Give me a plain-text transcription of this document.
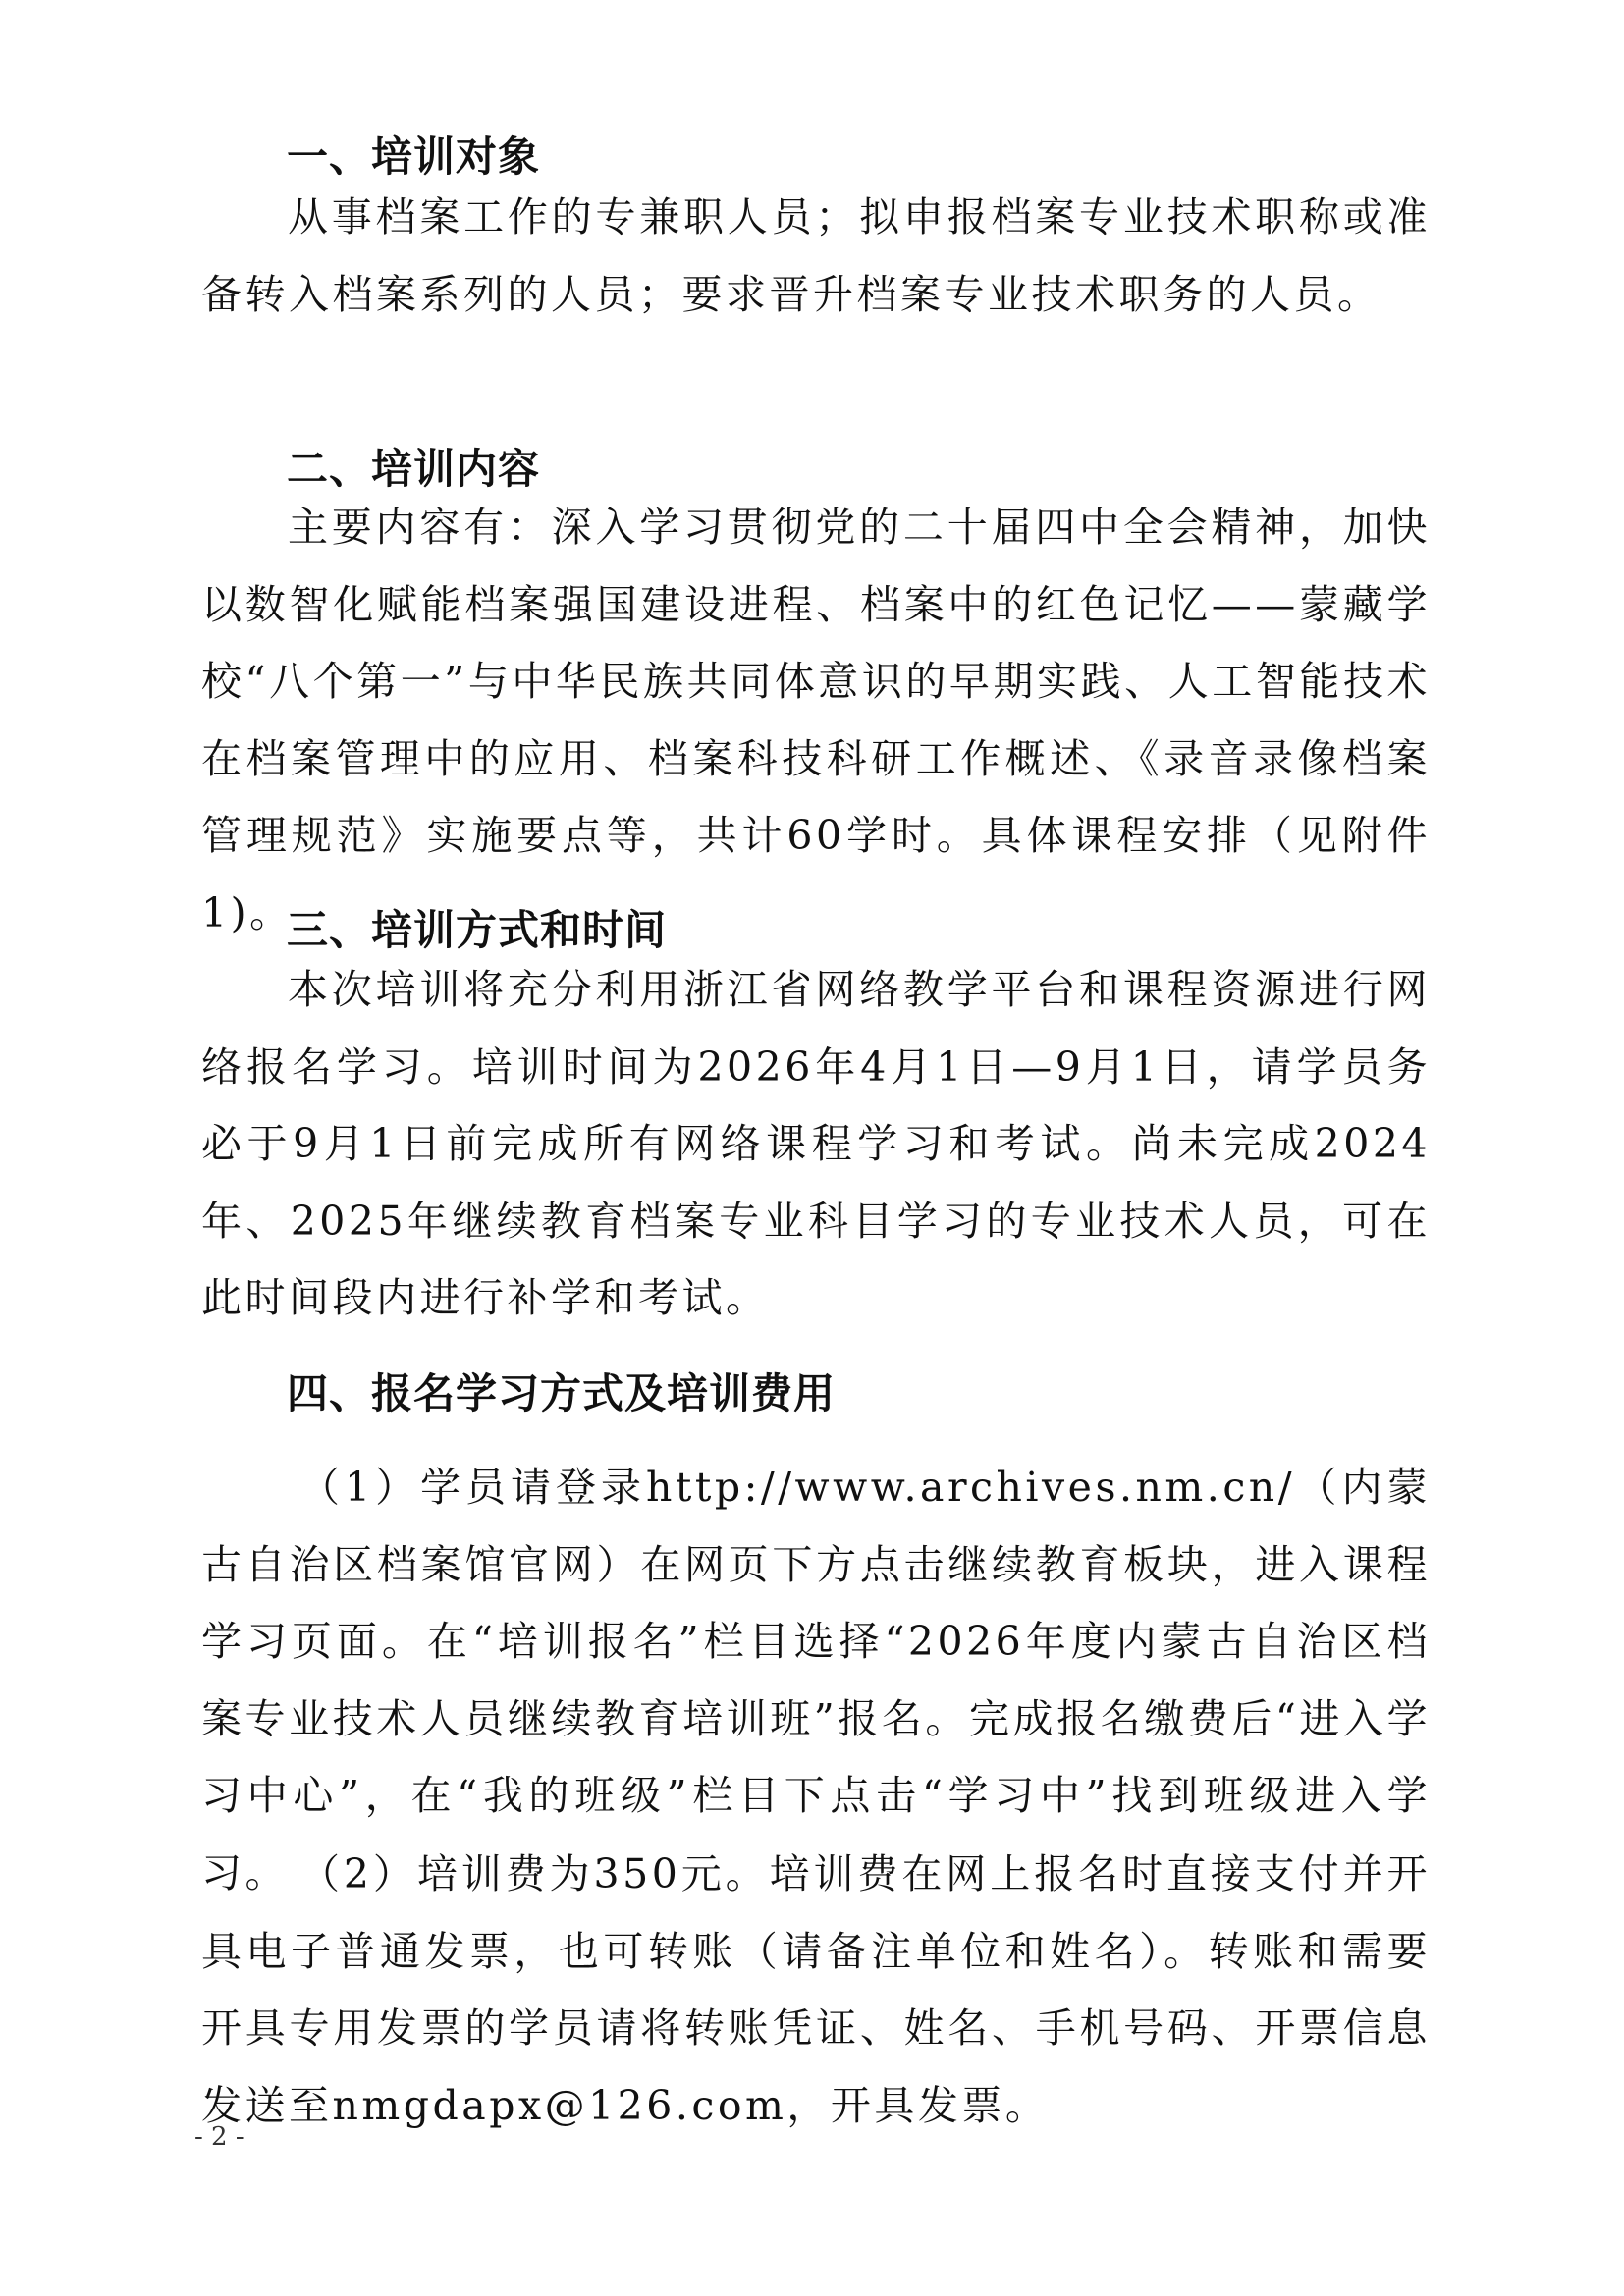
一、培训对象

从事档案工作的专兼职人员；拟申报档案专业技术职称或准备转入档案系列的人员；要求晋升档案专业技术职务的人员。

二、培训内容

主要内容有：深入学习贯彻党的二十届四中全会精神，加快以数智化赋能档案强国建设进程、档案中的红色记忆——蒙藏学校“八个第一”与中华民族共同体意识的早期实践、人工智能技术在档案管理中的应用、档案科技科研工作概述、《录音录像档案管理规范》实施要点等，共计60学时。具体课程安排（见附件1)。

三、培训方式和时间

本次培训将充分利用浙江省网络教学平台和课程资源进行网络报名学习。培训时间为2026年4月1日—9月1日，请学员务必于9月1日前完成所有网络课程学习和考试。尚未完成2024年、2025年继续教育档案专业科目学习的专业技术人员，可在此时间段内进行补学和考试。

四、报名学习方式及培训费用

（1）学员请登录http://www.archives.nm.cn/（内蒙古自治区档案馆官网）在网页下方点击继续教育板块，进入课程学习页面。在“培训报名”栏目选择“2026年度内蒙古自治区档案专业技术人员继续教育培训班”报名。完成报名缴费后“进入学习中心”，在“我的班级”栏目下点击“学习中”找到班级进入学习。 （2）培训费为350元。培训费在网上报名时直接支付并开具电子普通发票，也可转账（请备注单位和姓名）。转账和需要开具专用发票的学员请将转账凭证、姓名、手机号码、开票信息发送至nmgdapx@126.com，开具发票。

- 2 -
